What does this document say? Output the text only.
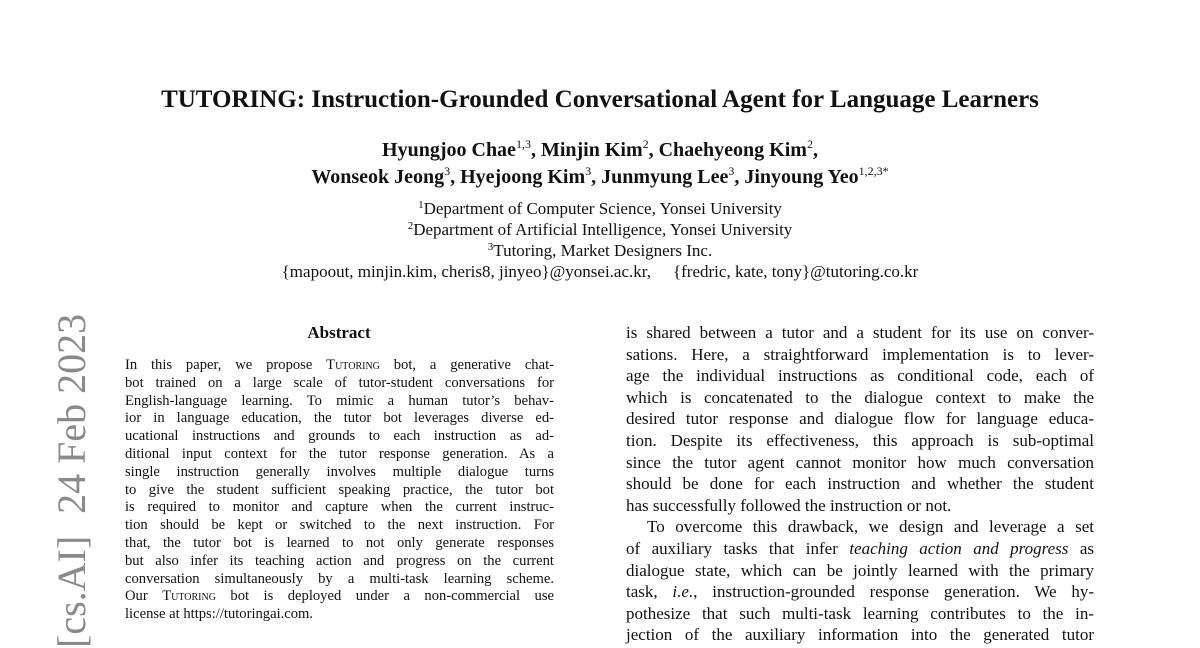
TUTORING: Instruction-Grounded Conversational Agent for Language Learners
Hyungjoo Chae$^{1,3}$, Minjin Kim$^2$, Chaehyeong Kim$^2$,
Wonseok Jeong$^3$, Hyejoong Kim$^3$, Junmyung Lee$^3$, Jinyoung Yeo$^{1,2,3*}$
$^1$Department of Computer Science, Yonsei University
$^2$Department of Artificial Intelligence, Yonsei University
$^3$Tutoring, Market Designers Inc.
{mapoout, minjin.kim, cheris8, jinyeo}@yonsei.ac.kr, {fredric, kate, tony}@tutoring.co.kr
[cs.AI]24 Feb 2023	Abstract
In this paper, we propose Tutoring bot, a generative chat-
bot trained on a large scale of tutor-student conversations for
English-language learning. To mimic a human tutor’s behav-
ior in language education, the tutor bot leverages diverse ed-
ucational instructions and grounds to each instruction as ad-
ditional input context for the tutor response generation. As a
single instruction generally involves multiple dialogue turns
to give the student sufficient speaking practice, the tutor bot
is required to monitor and capture when the current instruc-
tion should be kept or switched to the next instruction. For
that, the tutor bot is learned to not only generate responses
but also infer its teaching action and progress on the current
conversation simultaneously by a multi-task learning scheme.
Our Tutoring bot is deployed under a non-commercial use
license at https://tutoringai.com.
is shared between a tutor and a student for its use on conver-
sations. Here, a straightforward implementation is to lever-
age the individual instructions as conditional code, each of
which is concatenated to the dialogue context to make the
desired tutor response and dialogue flow for language educa-
tion. Despite its effectiveness, this approach is sub-optimal
since the tutor agent cannot monitor how much conversation
should be done for each instruction and whether the student
has successfully followed the instruction or not.
To overcome this drawback, we design and leverage a set
of auxiliary tasks that infer teaching action and progress as
dialogue state, which can be jointly learned with the primary
task, i.e., instruction-grounded response generation. We hy-
pothesize that such multi-task learning contributes to the in-
jection of the auxiliary information into the generated tutor
